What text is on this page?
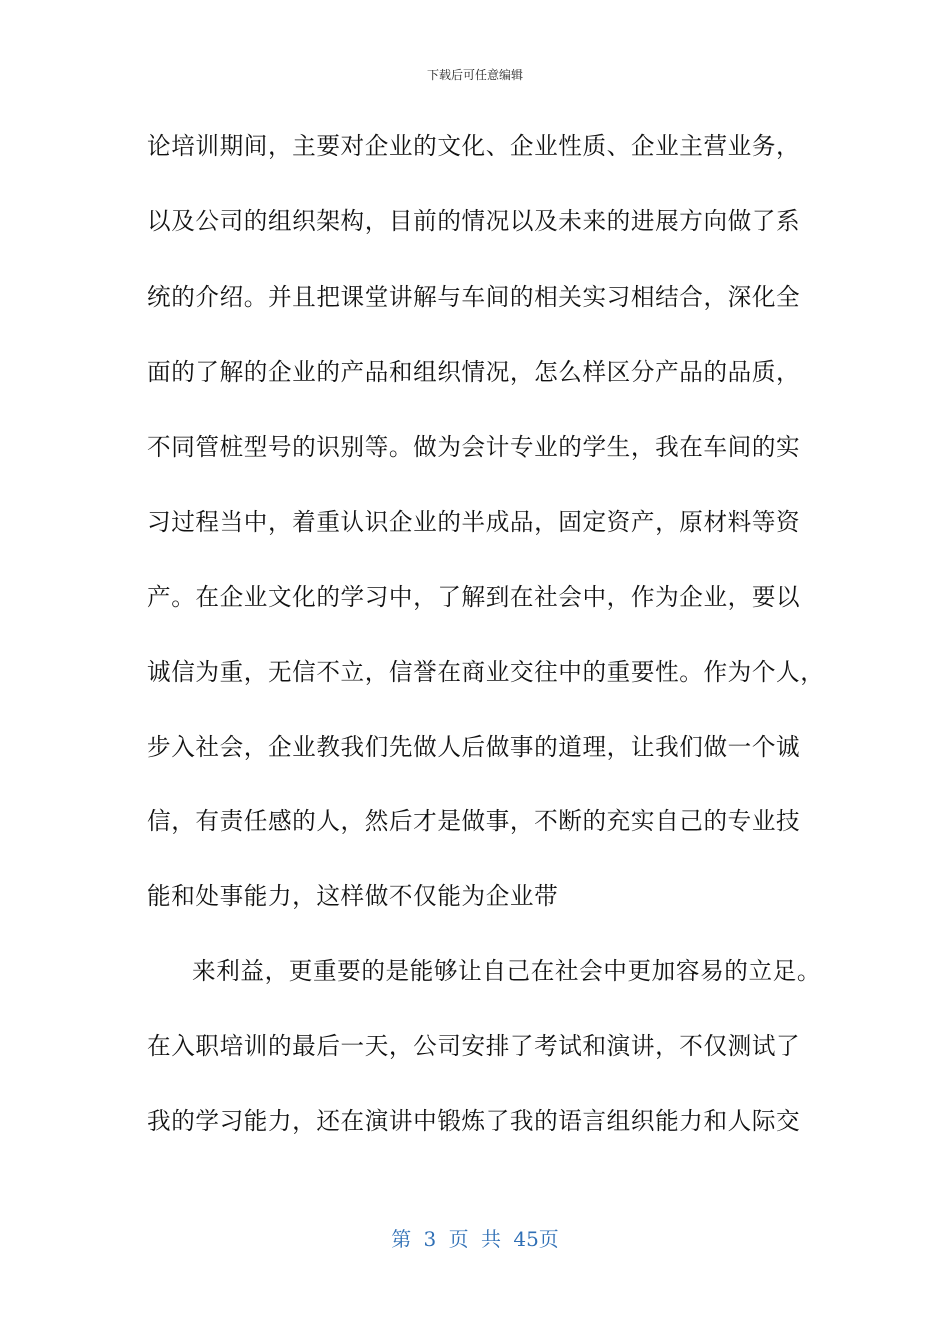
下载后可任意编辑
论培训期间，主要对企业的文化、企业性质、企业主营业务，
以及公司的组织架构，目前的情况以及未来的进展方向做了系
统的介绍。并且把课堂讲解与车间的相关实习相结合，深化全
面的了解的企业的产品和组织情况，怎么样区分产品的品质，
不同管桩型号的识别等。做为会计专业的学生，我在车间的实
习过程当中，着重认识企业的半成品，固定资产，原材料等资
产。在企业文化的学习中，了解到在社会中，作为企业，要以
诚信为重，无信不立，信誉在商业交往中的重要性。作为个人，
步入社会，企业教我们先做人后做事的道理，让我们做一个诚
信，有责任感的人，然后才是做事，不断的充实自己的专业技
能和处事能力，这样做不仅能为企业带
来利益，更重要的是能够让自己在社会中更加容易的立足。
在入职培训的最后一天，公司安排了考试和演讲，不仅测试了
我的学习能力，还在演讲中锻炼了我的语言组织能力和人际交
第 3 页 共 45页
